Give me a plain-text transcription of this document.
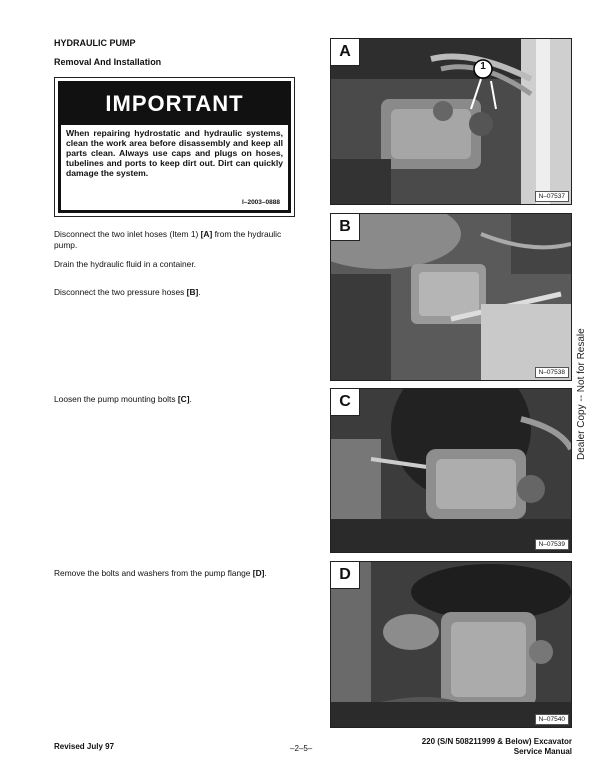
HYDRAULIC PUMP
Removal And Installation
IMPORTANT
When repairing hydrostatic and hydraulic systems, clean the work area before disassembly and keep all parts clean. Always use caps and plugs on hoses, tubelines and ports to keep dirt out. Dirt can quickly damage the system.
I–2003–0888
Disconnect the two inlet hoses (Item 1) [A] from the hydraulic pump.
Drain the hydraulic fluid in a container.
Disconnect the two pressure hoses [B].
Loosen the pump mounting bolts [C].
Remove the bolts and washers from the pump flange [D].
A
1
N–07537
B
N–07538
C
N–07539
D
N–07540
Dealer Copy -- Not for Resale
Revised July 97	–2–5–
220 (S/N 508211999 & Below) Excavator
Service Manual
